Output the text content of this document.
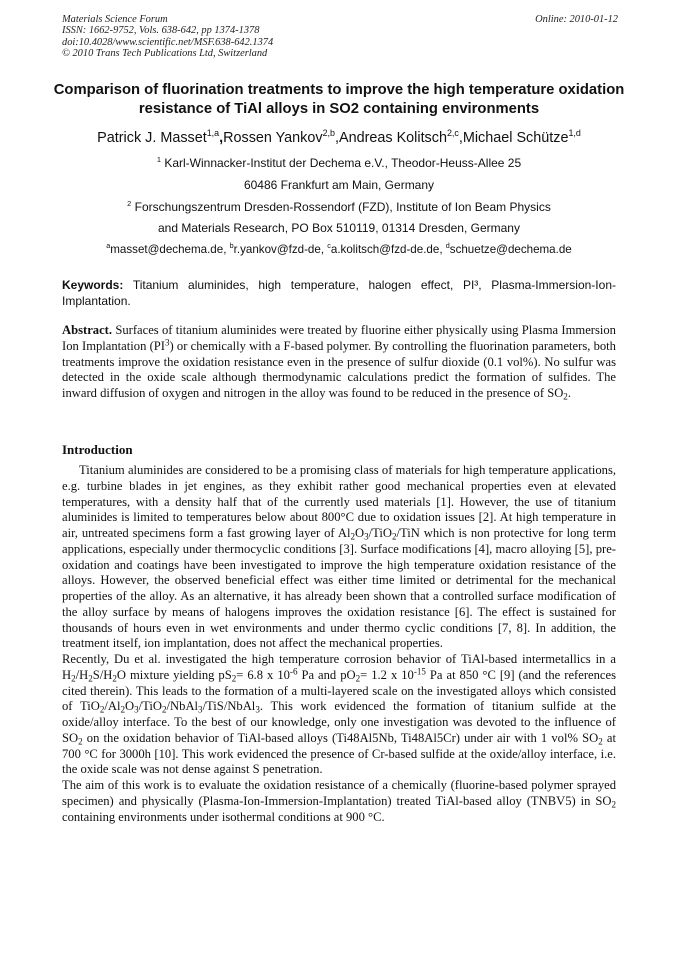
Materials Science Forum
ISSN: 1662-9752, Vols. 638-642, pp 1374-1378
doi:10.4028/www.scientific.net/MSF.638-642.1374
© 2010 Trans Tech Publications Ltd, Switzerland
Online: 2010-01-12
Comparison of fluorination treatments to improve the high temperature oxidation resistance of TiAl alloys in SO2 containing environments
Patrick J. Masset$^{1,a}$,Rossen Yankov$^{2,b}$,Andreas Kolitsch$^{2,c}$,Michael Schütze$^{1,d}$
$^1$ Karl-Winnacker-Institut der Dechema e.V., Theodor-Heuss-Allee 25
60486 Frankfurt am Main, Germany
$^2$ Forschungszentrum Dresden-Rossendorf (FZD), Institute of Ion Beam Physics
and Materials Research, PO Box 510119, 01314 Dresden, Germany
$^a$masset@dechema.de, $^b$r.yankov@fzd-de, $^c$a.kolitsch@fzd-de.de, $^d$schuetze@dechema.de
Keywords: Titanium aluminides, high temperature, halogen effect, PI³, Plasma-Immersion-Ion-Implantation.
Abstract. Surfaces of titanium aluminides were treated by fluorine either physically using Plasma Immersion Ion Implantation $(PI^3)$ or chemically with a F-based polymer. By controlling the fluorination parameters, both treatments improve the oxidation resistance even in the presence of sulfur dioxide (0.1 vol%). No sulfur was detected in the oxide scale although thermodynamic calculations predict the formation of sulfides. The inward diffusion of oxygen and nitrogen in the alloy was found to be reduced in the presence of $SO_2$.
Introduction

Titanium aluminides are considered to be a promising class of materials for high temperature applications, e.g. turbine blades in jet engines, as they exhibit rather good mechanical properties even at elevated temperatures, with a density half that of the currently used materials [1]. However, the use of titanium aluminides is limited to temperatures below about 800°C due to oxidation issues [2]. At high temperature in air, untreated specimens form a fast growing layer of $Al_2O_3/TiO_2$/TiN which is non protective for long term applications, especially under thermocyclic conditions [3]. Surface modifications [4], macro alloying [5], pre-oxidation and coatings have been investigated to improve the high temperature oxidation resistance of the alloys. However, the observed beneficial effect was either time limited or detrimental for the mechanical properties of the alloy. As an alternative, it has already been shown that a controlled surface modification of the alloy surface by means of halogens improves the oxidation resistance [6]. The effect is sustained for thousands of hours even in wet environments and under thermo cyclic conditions [7, 8]. In addition, the treatment itself, ion implantation, does not affect the mechanical properties.

Recently, Du et al. investigated the high temperature corrosion behavior of TiAl-based intermetallics in a $H_2/H_2S/H_2O$ mixture yielding $pS_2= 6.8$ x $10^{-6}$ Pa and $pO_2= 1.2$ x $10^{-15}$ Pa at 850 °C [9] (and the references cited therein). This leads to the formation of a multi-layered scale on the investigated alloys which consisted of $TiO_2/Al_2O_3/TiO_2/NbAl_3/TiS/NbAl_3$. This work evidenced the formation of titanium sulfide at the oxide/alloy interface. To the best of our knowledge, only one investigation was devoted to the influence of $SO_2$ on the oxidation behavior of TiAl-based alloys (Ti48Al5Nb, Ti48Al5Cr) under air with 1 vol% $SO_2$ at 700 °C for 3000h [10]. This work evidenced the presence of Cr-based sulfide at the oxide/alloy interface, i.e. the oxide scale was not dense against S penetration.

The aim of this work is to evaluate the oxidation resistance of a chemically (fluorine-based polymer sprayed specimen) and physically (Plasma-Ion-Immersion-Implantation) treated TiAl-based alloy (TNBV5) in $SO_2$ containing environments under isothermal conditions at 900 °C.
